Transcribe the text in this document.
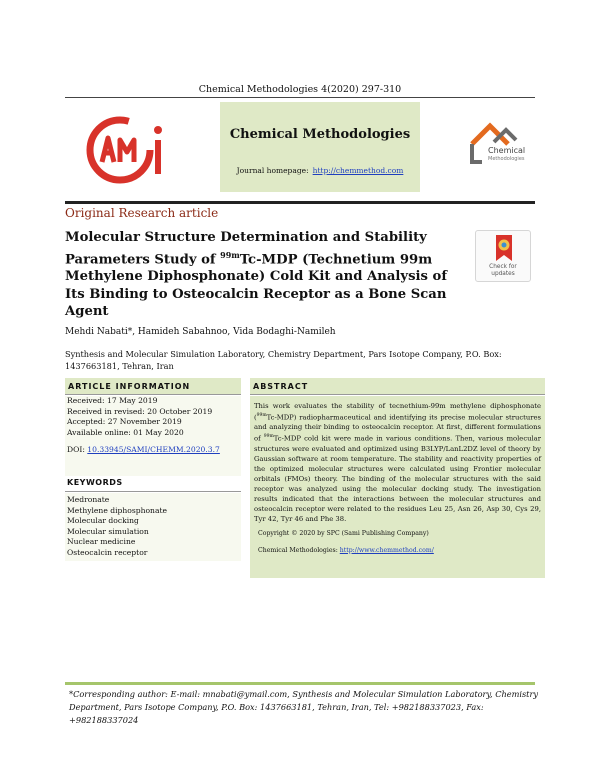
Chemical Methodologies 4(2020) 297-310
sami
Chemical Methodologies
Journal homepage: http://chemmethod.com
Chemical
Methodologies
Original Research article
Molecular Structure Determination and Stability
Parameters Study of $^{99m}$Tc-MDP (Technetium 99m
Methylene Diphosphonate) Cold Kit and Analysis of
Its Binding to Osteocalcin Receptor as a Bone Scan
Agent
Check for
updates
Mehdi Nabati*, Hamideh Sabahnoo, Vida Bodaghi-Namileh
Synthesis and Molecular Simulation Laboratory, Chemistry Department, Pars Isotope Company, P.O. Box: 1437663181, Tehran, Iran
ARTICLE INFORMATION
Received: 17 May 2019
Received in revised: 20 October 2019
Accepted: 27 November 2019
Available online: 01 May 2020
DOI: 10.33945/SAMI/CHEMM.2020.3.7
KEYWORDS
Medronate
Methylene diphosphonate
Molecular docking
Molecular simulation
Nuclear medicine
Osteocalcin receptor
ABSTRACT
This work evaluates the stability of tecnethium-99m methylene diphosphonate ($^{99m}$Tc-MDP) radiopharmaceutical and identifying its precise molecular structures and analyzing their binding to osteocalcin receptor. At first, different formulations of $^{99m}$Tc-MDP cold kit were made in various conditions. Then, various molecular structures were evaluated and optimized using B3LYP/LanL2DZ level of theory by Gaussian software at room temperature. The stability and reactivity properties of the optimized molecular structures were calculated using Frontier molecular orbitals (FMOs) theory. The binding of the molecular structures with the said receptor was analyzed using the molecular docking study. The investigation results indicated that the interactions between the molecular structures and osteocalcin receptor were related to the residues Leu 25, Asn 26, Asp 30, Cys 29, Tyr 42, Tyr 46 and Phe 38.
Copyright © 2020 by SPC (Sami Publishing Company)
Chemical Methodologies: http://www.chemmethod.com/
*Corresponding author: E-mail: mnabati@ymail.com, Synthesis and Molecular Simulation Laboratory, Chemistry Department, Pars Isotope Company, P.O. Box: 1437663181, Tehran, Iran, Tel: +982188337023, Fax: +982188337024
